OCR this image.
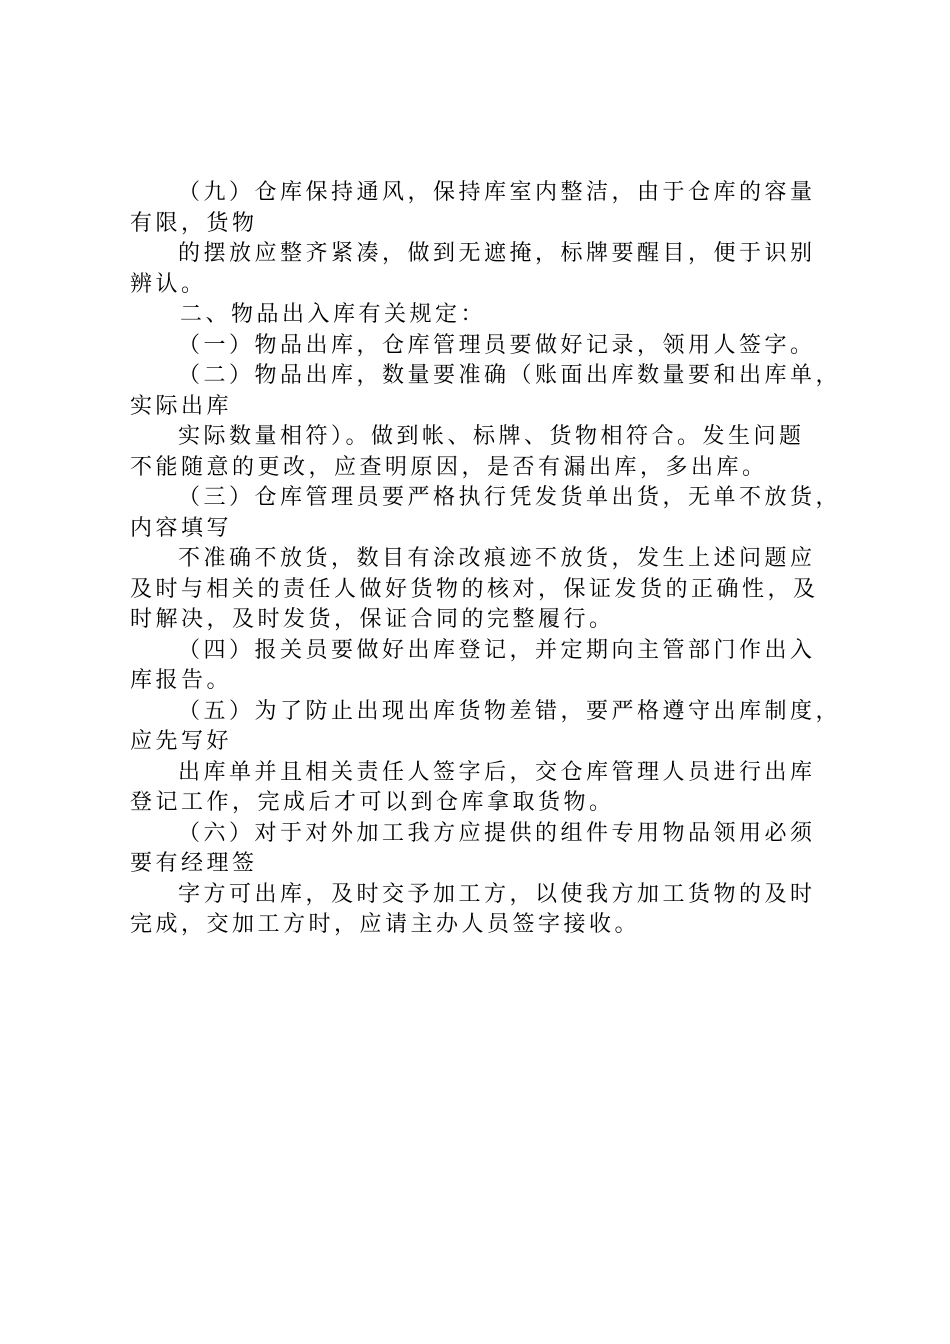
（九）仓库保持通风，保持库室内整洁，由于仓库的容量
有限，货物
的摆放应整齐紧凑，做到无遮掩，标牌要醒目，便于识别
辨认。
二、物品出入库有关规定：
（一）物品出库，仓库管理员要做好记录，领用人签字。
（二）物品出库，数量要准确（账面出库数量要和出库单，
实际出库
实际数量相符）。做到帐、标牌、货物相符合。发生问题
不能随意的更改，应查明原因，是否有漏出库，多出库。
（三）仓库管理员要严格执行凭发货单出货，无单不放货，
内容填写
不准确不放货，数目有涂改痕迹不放货，发生上述问题应
及时与相关的责任人做好货物的核对，保证发货的正确性，及
时解决，及时发货，保证合同的完整履行。
（四）报关员要做好出库登记，并定期向主管部门作出入
库报告。
（五）为了防止出现出库货物差错，要严格遵守出库制度，
应先写好
出库单并且相关责任人签字后，交仓库管理人员进行出库
登记工作，完成后才可以到仓库拿取货物。
（六）对于对外加工我方应提供的组件专用物品领用必须
要有经理签
字方可出库，及时交予加工方，以使我方加工货物的及时
完成，交加工方时，应请主办人员签字接收。
